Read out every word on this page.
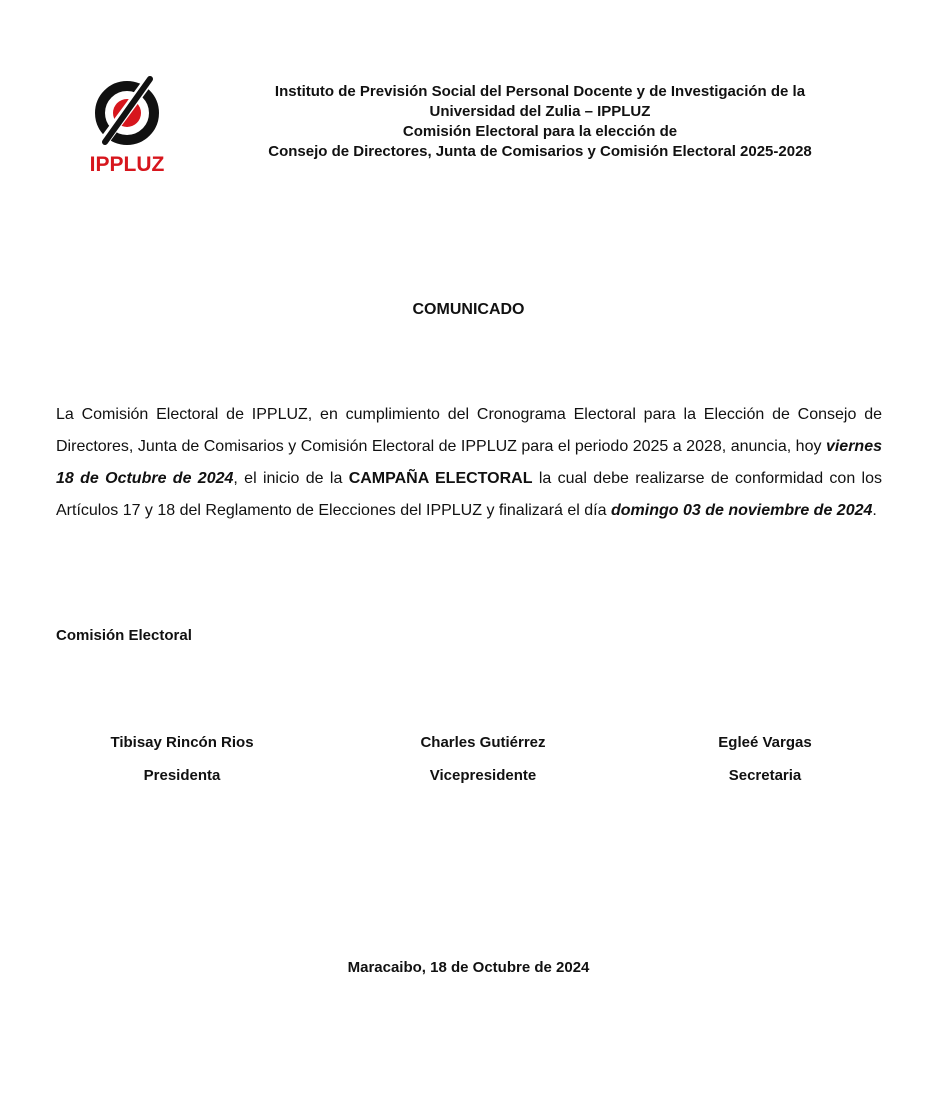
IPPLUZ
Instituto de Previsión Social del Personal Docente y de Investigación de la
Universidad del Zulia – IPPLUZ
Comisión Electoral para la elección de
Consejo de Directores, Junta de Comisarios y Comisión Electoral 2025-2028
COMUNICADO
La Comisión Electoral de IPPLUZ, en cumplimiento del Cronograma Electoral para la Elección de Consejo de Directores, Junta de Comisarios y Comisión Electoral de IPPLUZ para el periodo 2025 a 2028, anuncia, hoy viernes 18 de Octubre de 2024, el inicio de la CAMPAÑA ELECTORAL la cual debe realizarse de conformidad con los Artículos 17 y 18 del Reglamento de Elecciones del IPPLUZ y finalizará el día domingo 03 de noviembre de 2024.
Comisión Electoral
Tibisay Rincón Rios
Presidenta
Charles Gutiérrez
Vicepresidente
Egleé Vargas
Secretaria
Maracaibo, 18 de Octubre de 2024
